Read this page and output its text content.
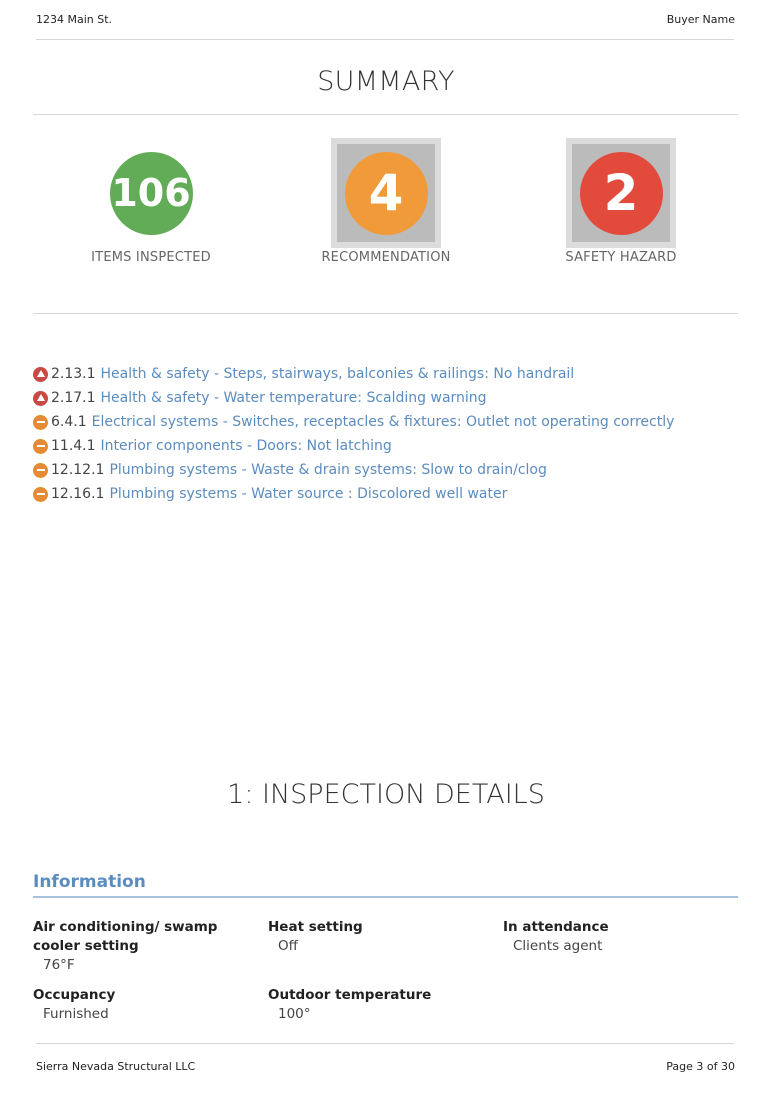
1234 Main St.	Buyer Name
SUMMARY
106
ITEMS INSPECTED
4
RECOMMENDATION
2
SAFETY HAZARD
2.13.1 Health & safety - Steps, stairways, balconies & railings: No handrail
2.17.1 Health & safety - Water temperature: Scalding warning
6.4.1 Electrical systems - Switches, receptacles & fixtures: Outlet not operating correctly
11.4.1 Interior components - Doors: Not latching
12.12.1 Plumbing systems - Waste & drain systems: Slow to drain/clog
12.16.1 Plumbing systems - Water source : Discolored well water
1: INSPECTION DETAILS
Information
Air conditioning/ swamp cooler setting
76°F
Heat setting
Off
In attendance
Clients agent
Occupancy
Furnished
Outdoor temperature
100°
Sierra Nevada Structural LLC	Page 3 of 30
